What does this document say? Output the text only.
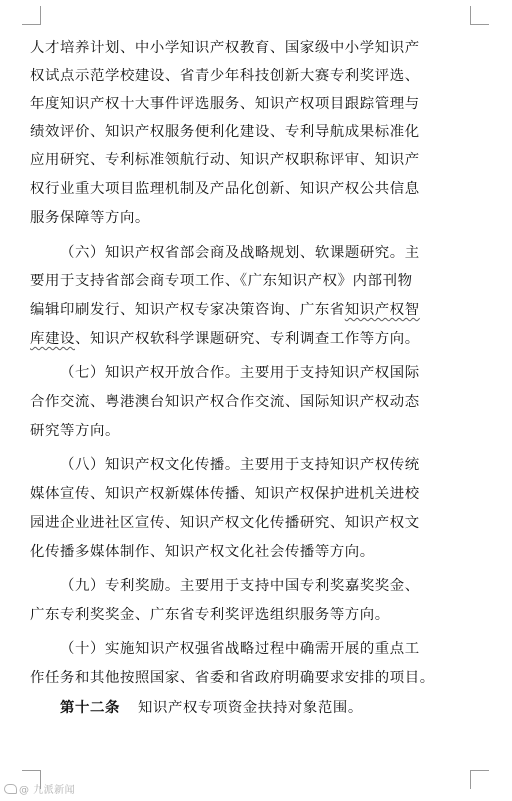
人才培养计划、中小学知识产权教育、国家级中小学知识产
权试点示范学校建设、省青少年科技创新大赛专利奖评选、
年度知识产权十大事件评选服务、知识产权项目跟踪管理与
绩效评价、知识产权服务便利化建设、专利导航成果标准化
应用研究、专利标准领航行动、知识产权职称评审、知识产
权行业重大项目监理机制及产品化创新、知识产权公共信息
服务保障等方向。
（六）知识产权省部会商及战略规划、软课题研究。主
要用于支持省部会商专项工作、《广东知识产权》内部刊物
编辑印刷发行、知识产权专家决策咨询、广东省知识产权智
库建设、知识产权软科学课题研究、专利调查工作等方向。
（七）知识产权开放合作。主要用于支持知识产权国际
合作交流、粤港澳台知识产权合作交流、国际知识产权动态
研究等方向。
（八）知识产权文化传播。主要用于支持知识产权传统
媒体宣传、知识产权新媒体传播、知识产权保护进机关进校
园进企业进社区宣传、知识产权文化传播研究、知识产权文
化传播多媒体制作、知识产权文化社会传播等方向。
（九）专利奖励。主要用于支持中国专利奖嘉奖奖金、
广东专利奖奖金、广东省专利奖评选组织服务等方向。
（十）实施知识产权强省战略过程中确需开展的重点工
作任务和其他按照国家、省委和省政府明确要求安排的项目。
第十二条 知识产权专项资金扶持对象范围。
@ 九派新闻
